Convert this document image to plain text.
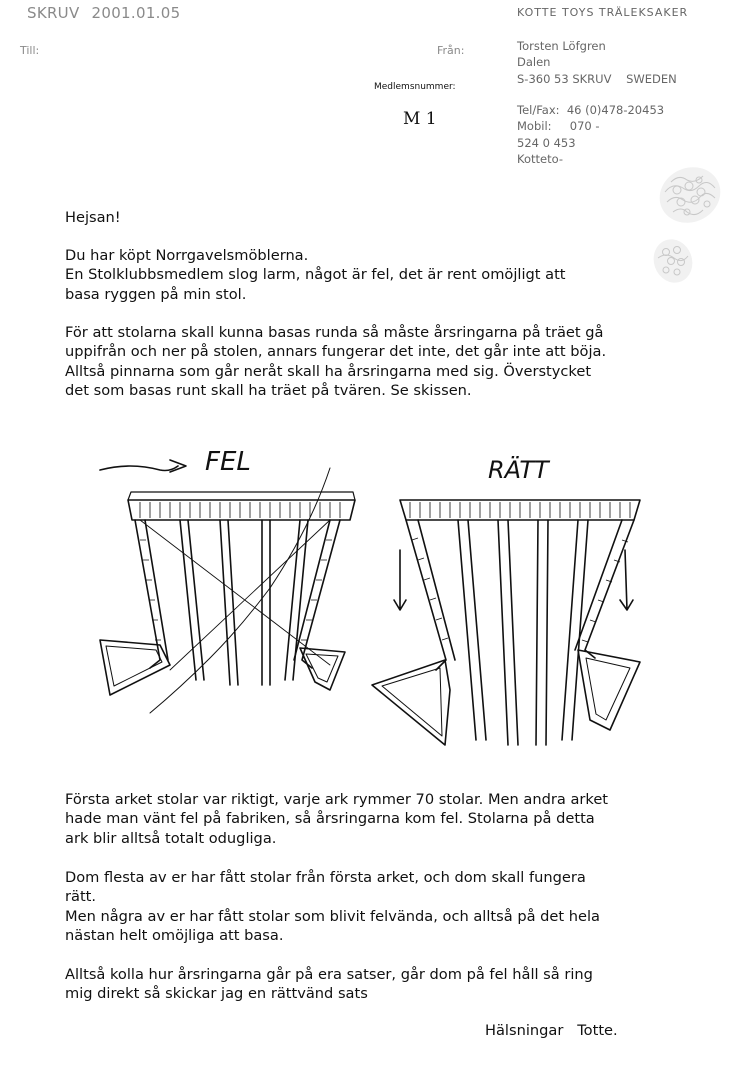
SKRUV 2001.01.05
Till:	Från:
Medlemsnummer:
M 1
KOTTE TOYS TRÄLEKSAKER
Torsten Löfgren
Dalen
S-360 53 SKRUV    SWEDEN
Tel/Fax:  46 (0)478-20453
Mobil:     070 -
524 0 453
Kotteto-

Hejsan!

Du har köpt Norrgavelsmöblerna.

En Stolklubbsmedlem slog larm, något är fel, det är rent omöjligt att

basa ryggen på min stol.

För att stolarna skall kunna basas runda så måste årsringarna på träet gå

uppifrån och ner på stolen, annars fungerar det inte, det går inte att böja.

Alltså pinnarna som går neråt skall ha årsringarna med sig. Överstycket

det som basas runt skall ha träet på tvären. Se skissen.

FEL	RÄTT

Första arket stolar var riktigt, varje ark rymmer 70 stolar. Men andra arket

hade man vänt fel på fabriken, så årsringarna kom fel. Stolarna på detta

ark blir alltså totalt odugliga.

Dom flesta av er har fått stolar från första arket, och dom skall fungera

rätt.

Men några av er har fått stolar som blivit felvända, och alltså på det hela

nästan helt omöjliga att basa.

Alltså kolla hur årsringarna går på era satser, går dom på fel håll så ring

mig direkt så skickar jag en rättvänd sats

Hälsningar   Totte.
